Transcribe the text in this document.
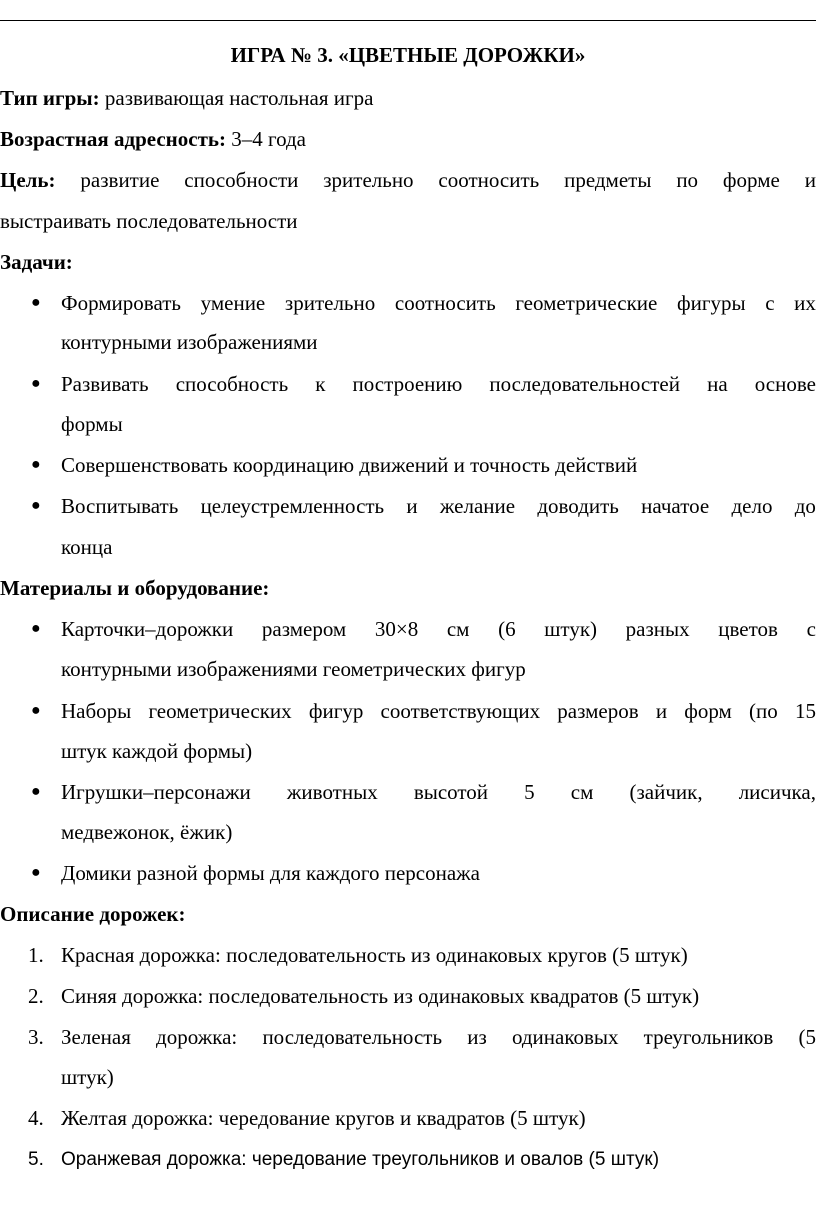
ИГРА № 3. «ЦВЕТНЫЕ ДОРОЖКИ»
Тип игры: развивающая настольная игра
Возрастная адресность: 3–4 года
Цель: развитие способности зрительно соотносить предметы по форме и
выстраивать последовательности
Задачи:
● Формировать умение зрительно соотносить геометрические фигуры с их
контурными изображениями
● Развивать способность к построению последовательностей на основе
формы
● Совершенствовать координацию движений и точность действий
● Воспитывать целеустремленность и желание доводить начатое дело до
конца
Материалы и оборудование:
● Карточки–дорожки размером 30×8 см (6 штук) разных цветов с
контурными изображениями геометрических фигур
● Наборы геометрических фигур соответствующих размеров и форм (по 15
штук каждой формы)
● Игрушки–персонажи животных высотой 5 см (зайчик, лисичка,
медвежонок, ёжик)
● Домики разной формы для каждого персонажа
Описание дорожек:
1. Красная дорожка: последовательность из одинаковых кругов (5 штук)
2. Синяя дорожка: последовательность из одинаковых квадратов (5 штук)
3. Зеленая дорожка: последовательность из одинаковых треугольников (5
штук)
4. Желтая дорожка: чередование кругов и квадратов (5 штук)
5. Оранжевая дорожка: чередование треугольников и овалов (5 штук)
